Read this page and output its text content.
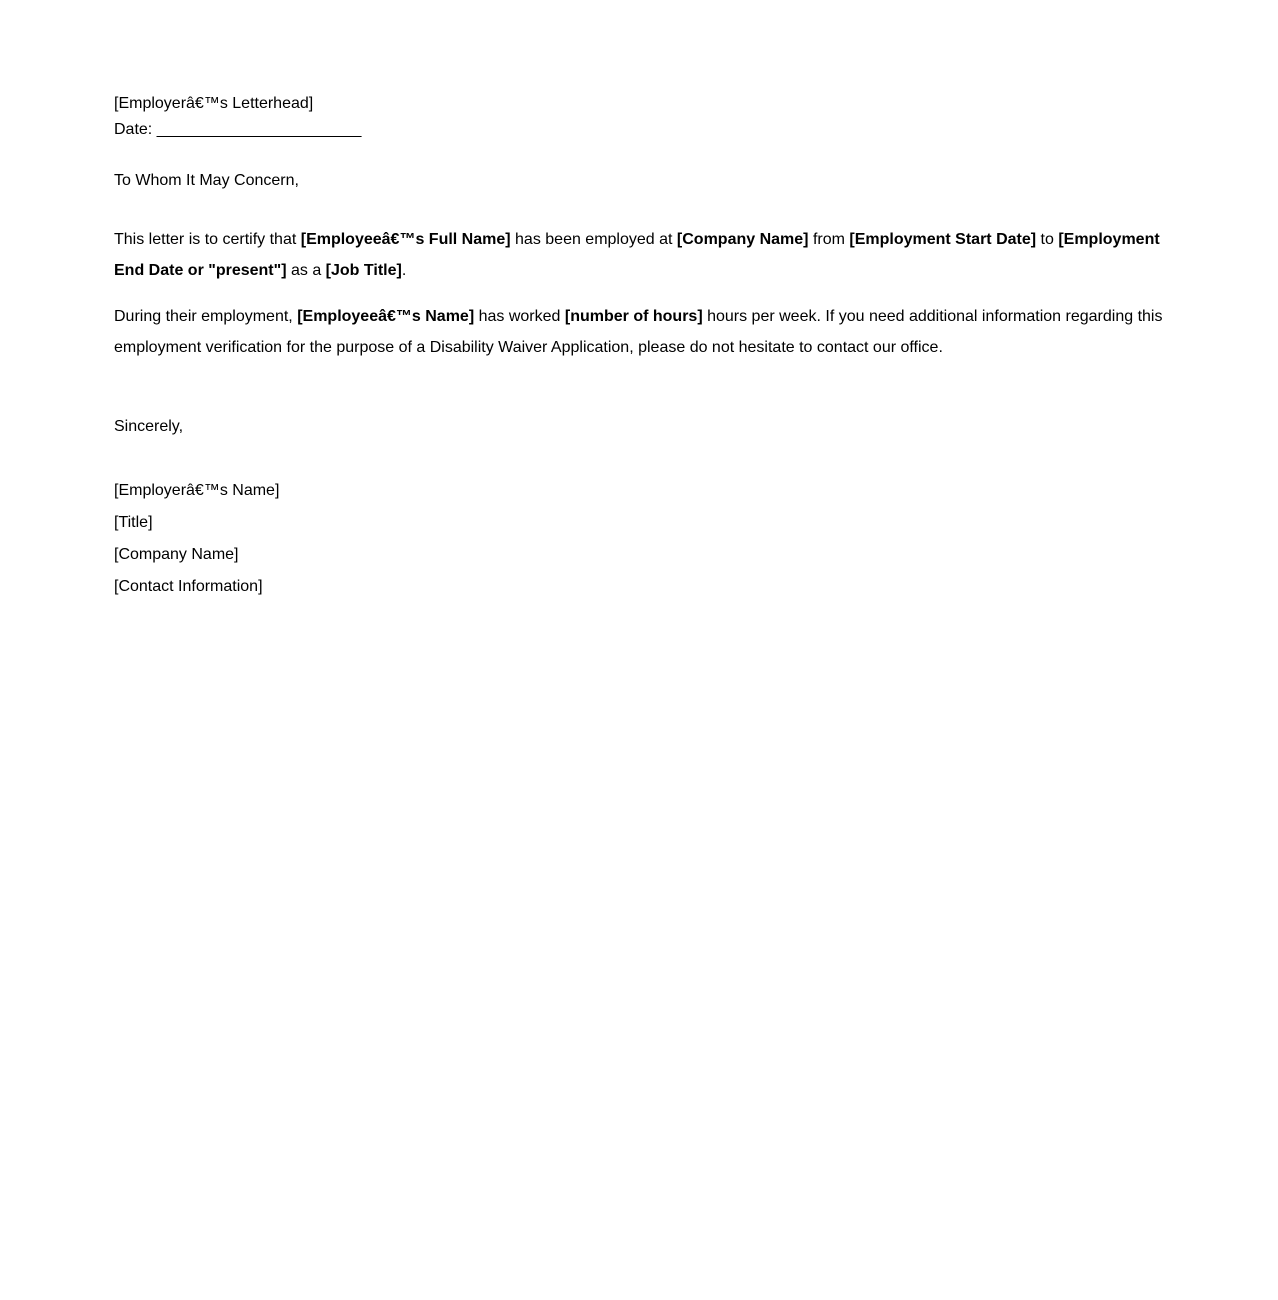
[Employerâ€™s Letterhead]
Date: _______________________
To Whom It May Concern,
This letter is to certify that [Employeeâ€™s Full Name] has been employed at [Company Name] from [Employment Start Date] to [Employment End Date or "present"] as a [Job Title].
During their employment, [Employeeâ€™s Name] has worked [number of hours] hours per week. If you need additional information regarding this employment verification for the purpose of a Disability Waiver Application, please do not hesitate to contact our office.
Sincerely,
[Employerâ€™s Name]
[Title]
[Company Name]
[Contact Information]
